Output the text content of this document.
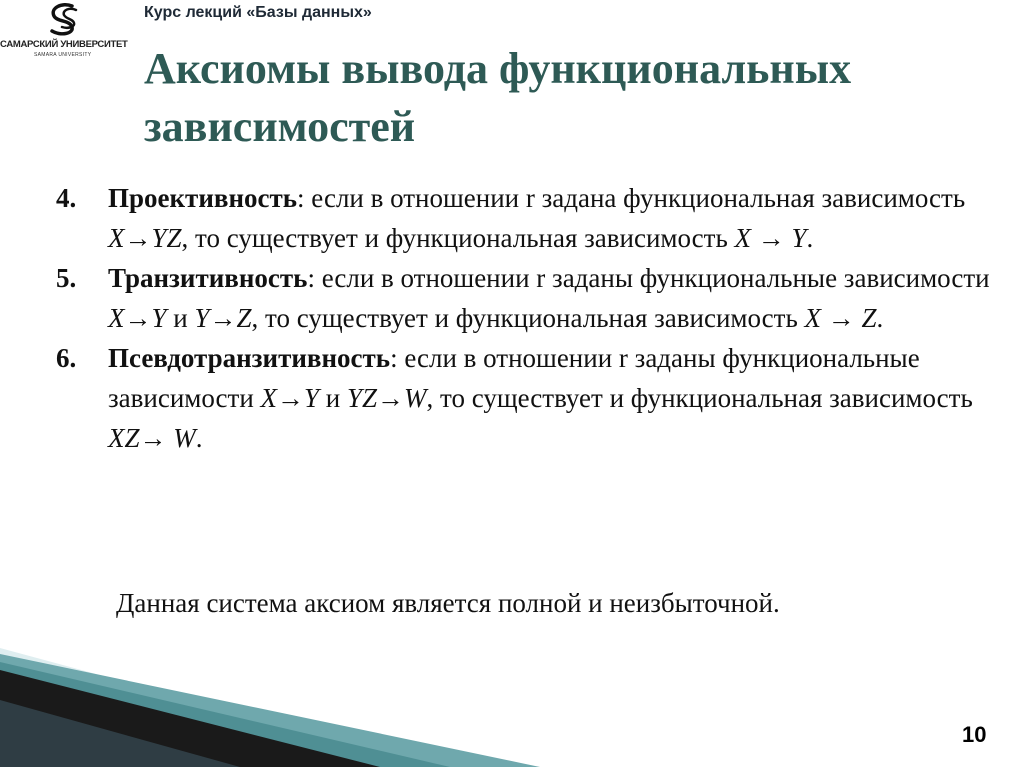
САМАРСКИЙ УНИВЕРСИТЕТ
SAMARA UNIVERSITY
Курс лекций «Базы данных»
Аксиомы вывода функциональных зависимостей
4. Проективность: если в отношении r задана функциональная зависимость X→YZ, то существует и функциональная зависимость X → Y.
5. Транзитивность: если в отношении r заданы функциональные зависимости X→Y и Y→Z, то существует и функциональная зависимость X → Z.
6. Псевдотранзитивность: если в отношении r заданы функциональные зависимости X→Y и YZ→W, то существует и функциональная зависимость XZ→ W.
Данная система аксиом является полной и неизбыточной.
10
